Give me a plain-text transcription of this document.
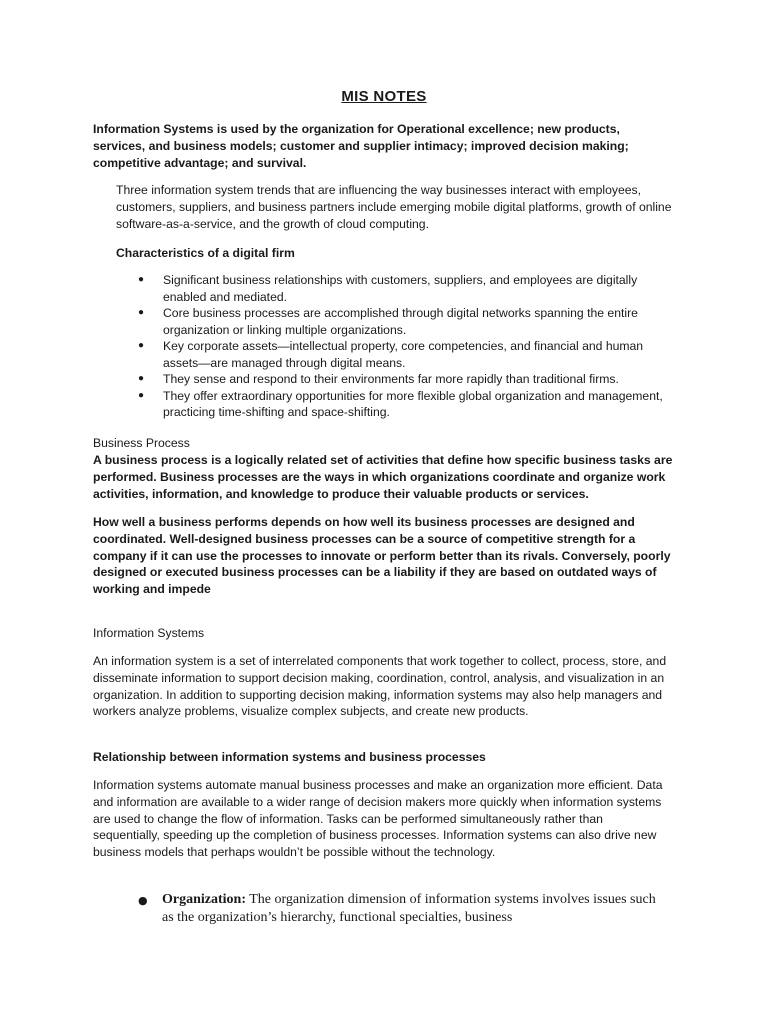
MIS NOTES
Information Systems is used by the organization for Operational excellence; new products, services, and business models; customer and supplier intimacy; improved decision making; competitive advantage; and survival.
Three information system trends that are influencing the way businesses interact with employees, customers, suppliers, and business partners include emerging mobile digital platforms, growth of online software-as-a-service, and the growth of cloud computing.
Characteristics of a digital firm
● Significant business relationships with customers, suppliers, and employees are digitally enabled and mediated.
● Core business processes are accomplished through digital networks spanning the entire organization or linking multiple organizations.
● Key corporate assets—intellectual property, core competencies, and financial and human assets—are managed through digital means.
● They sense and respond to their environments far more rapidly than traditional firms.
● They offer extraordinary opportunities for more flexible global organization and management, practicing time-shifting and space-shifting.
Business Process
A business process is a logically related set of activities that define how specific business tasks are performed. Business processes are the ways in which organizations coordinate and organize work activities, information, and knowledge to produce their valuable products or services.
How well a business performs depends on how well its business processes are designed and coordinated. Well-designed business processes can be a source of competitive strength for a company if it can use the processes to innovate or perform better than its rivals. Conversely, poorly designed or executed business processes can be a liability if they are based on outdated ways of working and impede
Information Systems
An information system is a set of interrelated components that work together to collect, process, store, and disseminate information to support decision making, coordination, control, analysis, and visualization in an organization. In addition to supporting decision making, information systems may also help managers and workers analyze problems, visualize complex subjects, and create new products.
Relationship between information systems and business processes
Information systems automate manual business processes and make an organization more efficient. Data and information are available to a wider range of decision makers more quickly when information systems are used to change the flow of information. Tasks can be performed simultaneously rather than sequentially, speeding up the completion of business processes. Information systems can also drive new business models that perhaps wouldn’t be possible without the technology.
● Organization: The organization dimension of information systems involves issues such as the organization’s hierarchy, functional specialties, business
